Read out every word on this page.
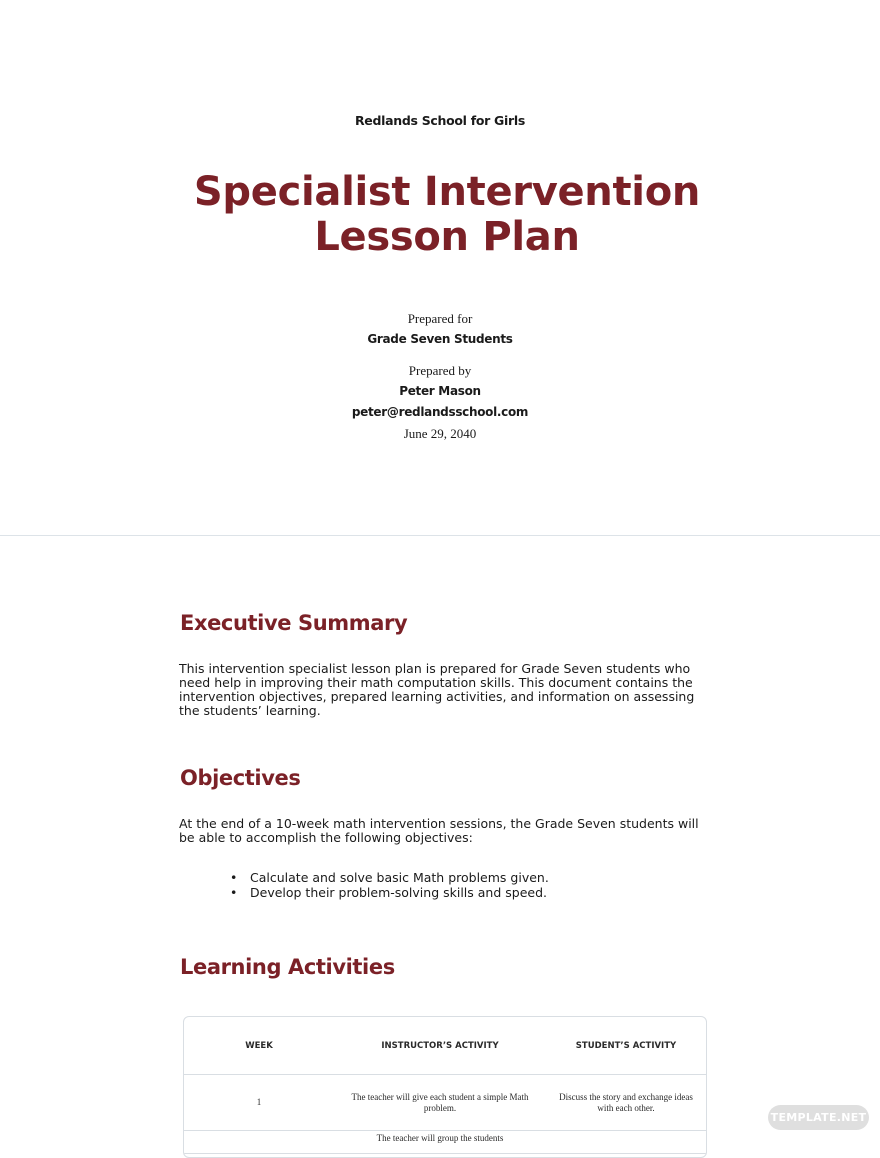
Redlands School for Girls
Specialist Intervention Lesson Plan
Prepared for
Grade Seven Students
Prepared by
Peter Mason
peter@redlandsschool.com
June 29, 2040
Executive Summary

This intervention specialist lesson plan is prepared for Grade Seven students who need help in improving their math computation skills. This document contains the intervention objectives, prepared learning activities, and information on assessing the students’ learning.

Objectives

At the end of a 10-week math intervention sessions, the Grade Seven students will be able to accomplish the following objectives:

• Calculate and solve basic Math problems given.
• Develop their problem-solving skills and speed.
Learning Activities
WEEK	INSTRUCTOR’S ACTIVITY	STUDENT’S ACTIVITY
1	The teacher will give each student a simple Math problem.	Discuss the story and exchange ideas with each other.
	The teacher will group the students	
TEMPLATE.NET
